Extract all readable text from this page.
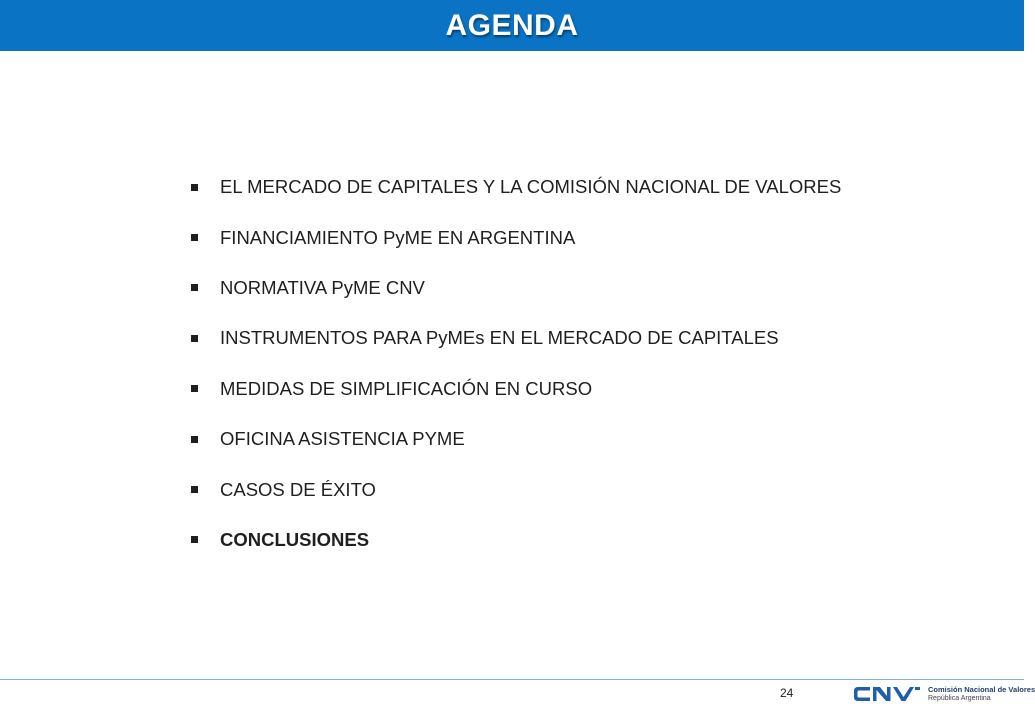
AGENDA
EL MERCADO DE CAPITALES Y LA COMISIÓN NACIONAL DE VALORES
FINANCIAMIENTO PyME EN ARGENTINA
NORMATIVA PyME CNV
INSTRUMENTOS PARA PyMEs EN EL MERCADO DE CAPITALES
MEDIDAS DE SIMPLIFICACIÓN EN CURSO
OFICINA ASISTENCIA PYME
CASOS DE ÉXITO
CONCLUSIONES
24	Comisión Nacional de Valores
República Argentina
